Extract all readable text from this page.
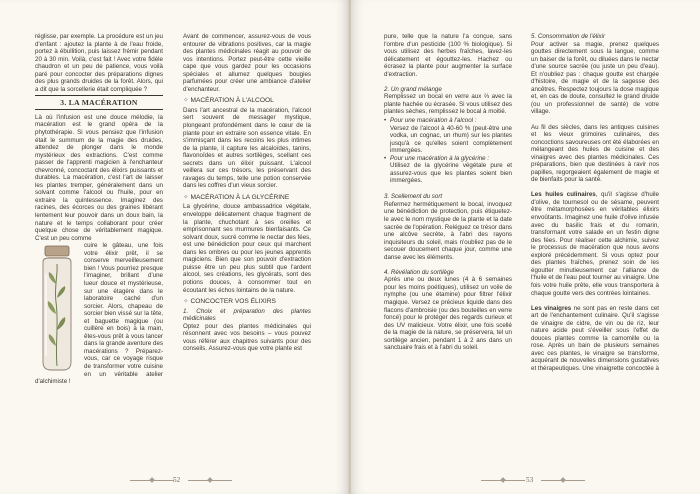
réglisse, par exemple. La procédure est un jeu d'enfant : ajoutez la plante à de l'eau froide, portez à ébullition, puis laissez frémir pendant 20 à 30 min. Voilà, c'est fait ! Avec votre fidèle chaudron et un peu de patience, vous voilà paré pour concocter des préparations dignes des plus grands druides de la forêt. Alors, qui a dit que la sorcellerie était compliquée ?

3. LA MACÉRATION

Là où l'infusion est une douce mélodie, la macération est le grand opéra de la phytothérapie. Si vous pensiez que l'infusion était le summum de la magie des druides, attendez de plonger dans le monde mystérieux des extractions. C'est comme passer de l'apprenti magicien à l'enchanteur chevronné, concoctant des élixirs puissants et durables. La macération, c'est l'art de laisser les plantes tremper, généralement dans un solvant comme l'alcool ou l'huile, pour en extraire la quintessence. Imaginez des racines, des écorces ou des graines libérant lentement leur pouvoir dans un doux bain, la nature et le temps collaborant pour créer quelque chose de véritablement magique. C'est un peu comme

cuire le gâteau, une fois votre élixir prêt, il se conserve merveilleusement bien ! Vous pourriez presque l'imaginer, brillant d'une lueur douce et mystérieuse, sur une étagère dans le laboratoire caché d'un sorcier. Alors, chapeau de sorcier bien vissé sur la tête, et baguette magique (ou cuillère en bois) à la main, êtes-vous prêt à vous lancer dans la grande aventure des macérations ? Préparez-vous, car ce voyage risque de transformer votre cuisine en un véritable atelier d'alchimiste !

Avant de commencer, assurez-vous de vous entourer de vibrations positives, car la magie des plantes médicinales réagit au pouvoir de vos intentions. Portez peut-être cette vieille cape que vous gardez pour les occasions spéciales et allumez quelques bougies parfumées pour créer une ambiance d'atelier d'enchanteur.

✧ MACÉRATION À L'ALCOOL

Dans l'art ancestral de la macération, l'alcool sert souvent de messager mystique, plongeant profondément dans le cœur de la plante pour en extraire son essence vitale. En s'immisçant dans les recoins les plus intimes de la plante, il capture les alcaloïdes, tanins, flavonoïdes et autres sortilèges, scellant ces secrets dans un élixir puissant. L'alcool veillera sur ces trésors, les préservant des ravages du temps, telle une potion conservée dans les coffres d'un vieux sorcier.

✧ MACÉRATION À LA GLYCÉRINE

La glycérine, douce ambassadrice végétale, enveloppe délicatement chaque fragment de la plante, chuchotant à ses oreilles et emprisonnant ses murmures bienfaisants. Ce solvant doux, sucré comme le nectar des fées, est une bénédiction pour ceux qui marchent dans les ombres ou pour les jeunes apprentis magiciens. Bien que son pouvoir d'extraction puisse être un peu plus subtil que l'ardent alcool, ses créations, les glycérats, sont des potions douces, à consommer tout en écoutant les échos lointains de la nature.

✧ CONCOCTER VOS ÉLIXIRS

1. Choix et préparation des plantes médicinales

Optez pour des plantes médicinales qui résonnent avec vos besoins – vous pouvez vous référer aux chapitres suivants pour des conseils. Assurez-vous que votre plante est

52

pure, telle que la nature l'a conçue, sans l'ombre d'un pesticide (100 % biologique). Si vous utilisez des herbes fraîches, lavez-les délicatement et égouttez-les. Hachez ou écrasez la plante pour augmenter la surface d'extraction.

2. Un grand mélange

Remplissez un bocal en verre aux ⅔ avec la plante hachée ou écrasée. Si vous utilisez des plantes sèches, remplissez le bocal à moitié.

• Pour une macération à l'alcool :
Versez de l'alcool à 40-60 % (peut-être une vodka, un cognac, un rhum) sur les plantes jusqu'à ce qu'elles soient complètement immergées.
• Pour une macération à la glycérine :
Utilisez de la glycérine végétale pure et assurez-vous que les plantes soient bien immergées.

3. Scellement du sort

Refermez hermétiquement le bocal, invoquez une bénédiction de protection, puis étiquetez-le avec le nom mystique de la plante et la date sacrée de l'opération. Reléguez ce trésor dans une alcôve secrète, à l'abri des rayons inquisiteurs du soleil, mais n'oubliez pas de le secouer doucement chaque jour, comme une danse avec les éléments.

4. Révélation du sortilège

Après une ou deux lunes (4 à 6 semaines pour les moins poétiques), utilisez un voile de nymphe (ou une étamine) pour filtrer l'élixir magique. Versez ce précieux liquide dans des flacons d'ambroisie (ou des bouteilles en verre foncé) pour le protéger des regards curieux et des UV malicieux. Votre élixir, une fois scellé de la magie de la nature, se préservera, tel un sortilège ancien, pendant 1 à 2 ans dans un sanctuaire frais et à l'abri du soleil.

5. Consommation de l'élixir

Pour activer sa magie, prenez quelques gouttes directement sous la langue, comme un baiser de la forêt, ou diluées dans le nectar d'une source sacrée (ou juste un peu d'eau). Et n'oubliez pas : chaque goutte est chargée d'histoire, de magie et de la sagesse des ancêtres. Respectez toujours la dose magique et, en cas de doute, consultez le grand druide (ou un professionnel de santé) de votre village.

Au fil des siècles, dans les antiques cuisines et les vieux grimoires culinaires, des concoctions savoureuses ont été élaborées en mélangeant des huiles de cuisine et des vinaigres avec des plantes médicinales. Ces préparations, bien que destinées à ravir nos papilles, regorgeaient également de magie et de bienfaits pour la santé.

Les huiles culinaires, qu'il s'agisse d'huile d'olive, de tournesol ou de sésame, peuvent être métamorphosées en véritables élixirs envoûtants. Imaginez une huile d'olive infusée avec du basilic frais et du romarin, transformant votre salade en un festin digne des fées. Pour réaliser cette alchimie, suivez le processus de macération que nous avons exploré précédemment. Si vous optez pour des plantes fraîches, prenez soin de les égoutter minutieusement car l'alliance de l'huile et de l'eau peut tourner au vinaigre. Une fois votre huile prête, elle vous transportera à chaque goutte vers des contrées lointaines.

Les vinaigres ne sont pas en reste dans cet art de l'enchantement culinaire. Qu'il s'agisse de vinaigre de cidre, de vin ou de riz, leur nature acide peut s'éveiller sous l'effet de douces plantes comme la camomille ou la rose. Après un bain de plusieurs semaines avec ces plantes, le vinaigre se transforme, acquérant de nouvelles dimensions gustatives et thérapeutiques. Une vinaigrette concoctée à

53
